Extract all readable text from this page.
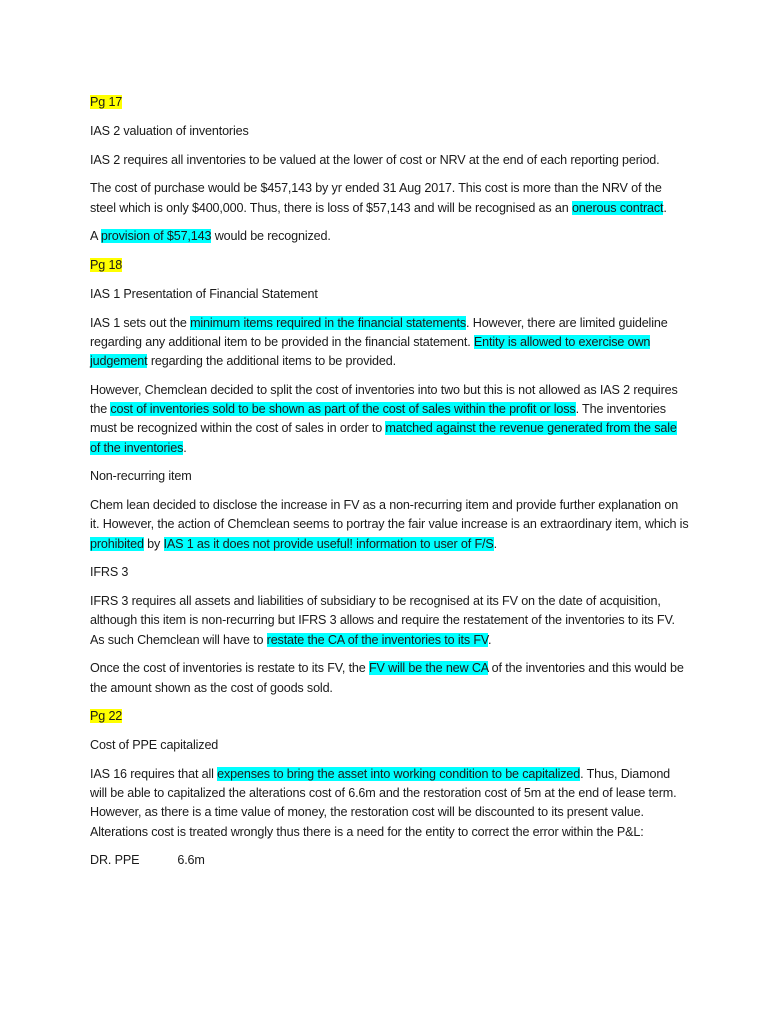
Pg 17

IAS 2 valuation of inventories

IAS 2 requires all inventories to be valued at the lower of cost or NRV at the end of each reporting period.

The cost of purchase would be $457,143 by yr ended 31 Aug 2017. This cost is more than the NRV of the steel which is only $400,000. Thus, there is loss of $57,143 and will be recognised as an onerous contract.

A provision of $57,143 would be recognized.

Pg 18

IAS 1 Presentation of Financial Statement

IAS 1 sets out the minimum items required in the financial statements. However, there are limited guideline regarding any additional item to be provided in the financial statement. Entity is allowed to exercise own judgement regarding the additional items to be provided.

However, Chemclean decided to split the cost of inventories into two but this is not allowed as IAS 2 requires the cost of inventories sold to be shown as part of the cost of sales within the profit or loss. The inventories must be recognized within the cost of sales in order to matched against the revenue generated from the sale of the inventories.

Non-recurring item

Chem lean decided to disclose the increase in FV as a non-recurring item and provide further explanation on it. However, the action of Chemclean seems to portray the fair value increase is an extraordinary item, which is prohibited by IAS 1 as it does not provide useful! information to user of F/S.

IFRS 3

IFRS 3 requires all assets and liabilities of subsidiary to be recognised at its FV on the date of acquisition, although this item is non-recurring but IFRS 3 allows and require the restatement of the inventories to its FV. As such Chemclean will have to restate the CA of the inventories to its FV.

Once the cost of inventories is restate to its FV, the FV will be the new CA of the inventories and this would be the amount shown as the cost of goods sold.

Pg 22

Cost of PPE capitalized

IAS 16 requires that all expenses to bring the asset into working condition to be capitalized. Thus, Diamond will be able to capitalized the alterations cost of 6.6m and the restoration cost of 5m at the end of lease term. However, as there is a time value of money, the restoration cost will be discounted to its present value. Alterations cost is treated wrongly thus there is a need for the entity to correct the error within the P&L:

DR. PPE	6.6m
